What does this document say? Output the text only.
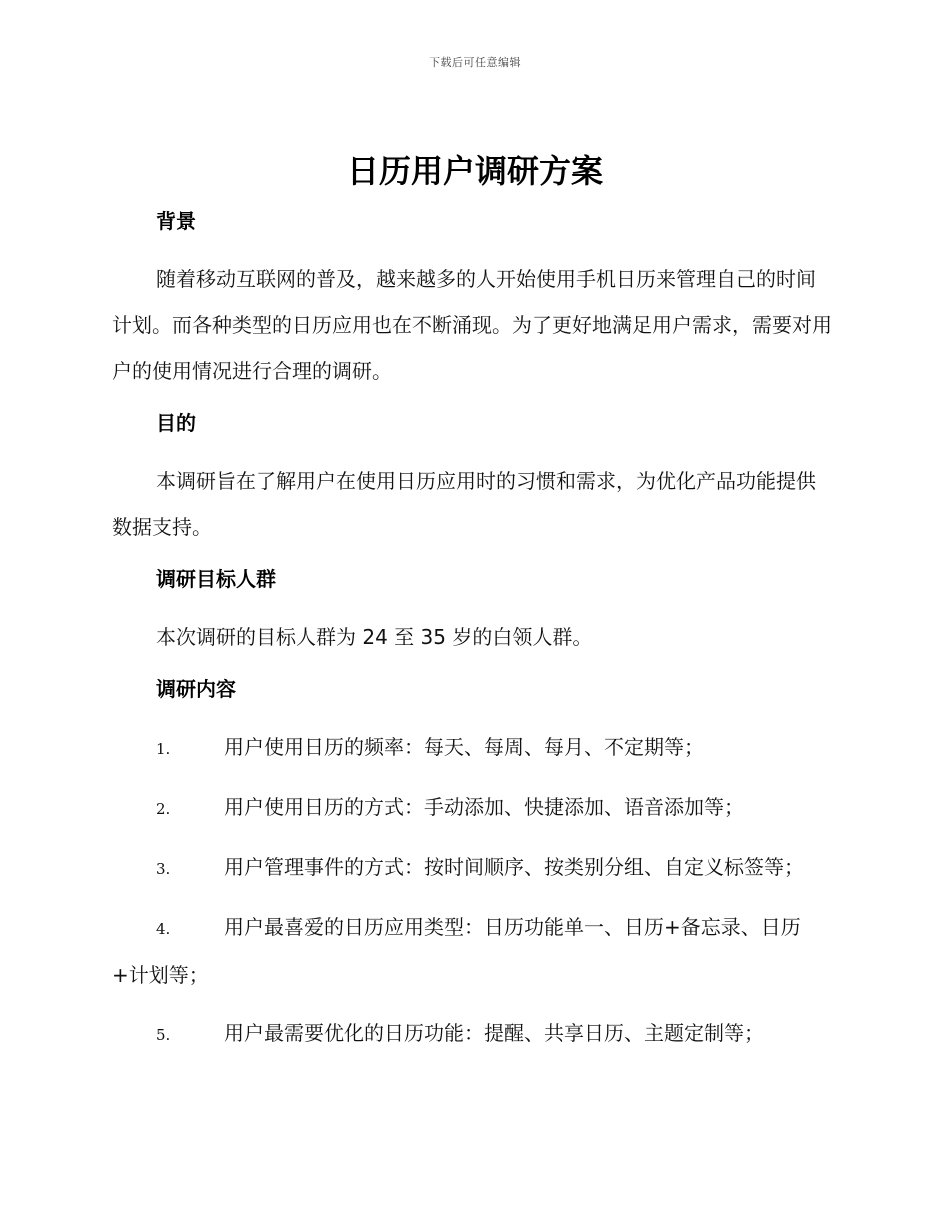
下载后可任意编辑
日历用户调研方案
背景

随着移动互联网的普及，越来越多的人开始使用手机日历来管理自己的时间计划。而各种类型的日历应用也在不断涌现。为了更好地满足用户需求，需要对用户的使用情况进行合理的调研。

目的

本调研旨在了解用户在使用日历应用时的习惯和需求，为优化产品功能提供数据支持。

调研目标人群

本次调研的目标人群为 24 至 35 岁的白领人群。

调研内容
1.	用户使用日历的频率：每天、每周、每月、不定期等；
2.	用户使用日历的方式：手动添加、快捷添加、语音添加等；
3.	用户管理事件的方式：按时间顺序、按类别分组、自定义标签等；
4.	用户最喜爱的日历应用类型：日历功能单一、日历+备忘录、日历+计划等；
5.	用户最需要优化的日历功能：提醒、共享日历、主题定制等；
